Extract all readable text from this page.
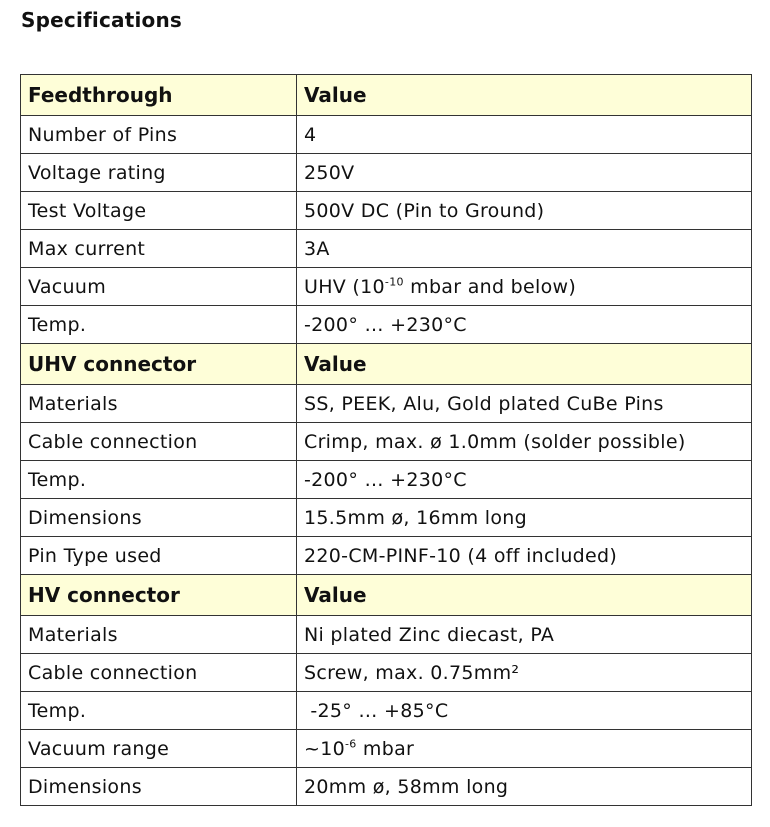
Specifications
Feedthrough	Value
Number of Pins	4
Voltage rating	250V
Test Voltage	500V DC (Pin to Ground)
Max current	3A
Vacuum	UHV ($10^{-10}$ mbar and below)
Temp.	-200° … +230°C
UHV connector	Value
Materials	SS, PEEK, Alu, Gold plated CuBe Pins
Cable connection	Crimp, max. ø 1.0mm (solder possible)
Temp.	-200° … +230°C
Dimensions	15.5mm ø, 16mm long
Pin Type used	220-CM-PINF-10 (4 off included)
HV connector	Value
Materials	Ni plated Zinc diecast, PA
Cable connection	Screw, max. 0.75mm²
Temp.	-25° … +85°C
Vacuum range	$\sim 10^{-6}$ mbar
Dimensions	20mm ø, 58mm long
